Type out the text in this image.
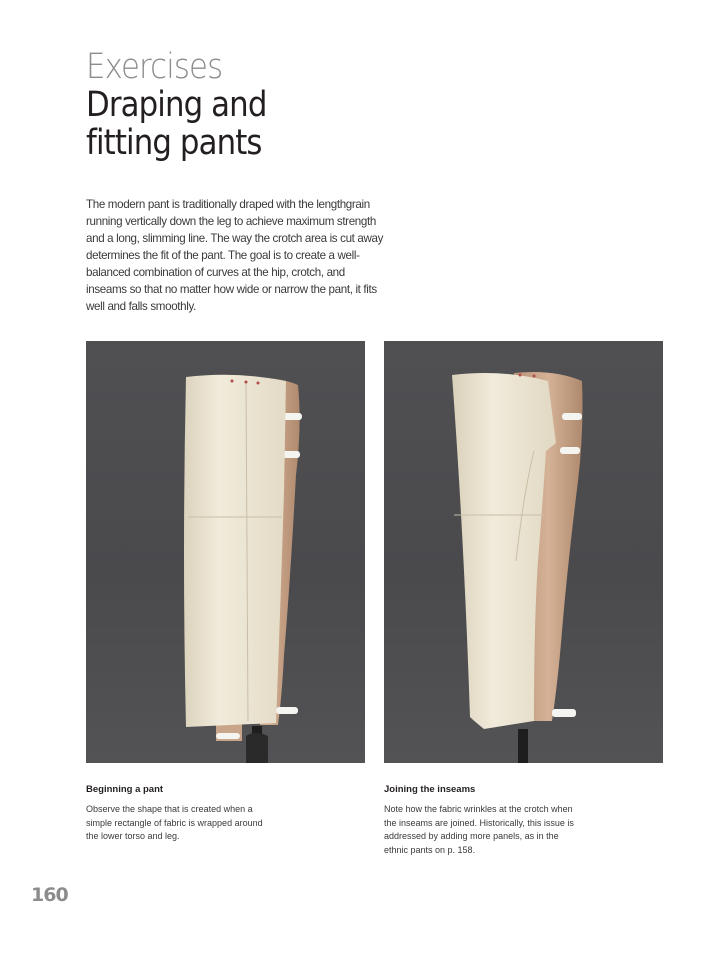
Exercises

Draping and
fitting pants

The modern pant is traditionally draped with the lengthgrain running vertically down the leg to achieve maximum strength and a long, slimming line. The way the crotch area is cut away determines the fit of the pant. The goal is to create a well-balanced combination of curves at the hip, crotch, and inseams so that no matter how wide or narrow the pant, it fits well and falls smoothly.

Beginning a pant

Observe the shape that is created when a simple rectangle of fabric is wrapped around the lower torso and leg.

Joining the inseams

Note how the fabric wrinkles at the crotch when the inseams are joined. Historically, this issue is addressed by adding more panels, as in the ethnic pants on p. 158.

160
